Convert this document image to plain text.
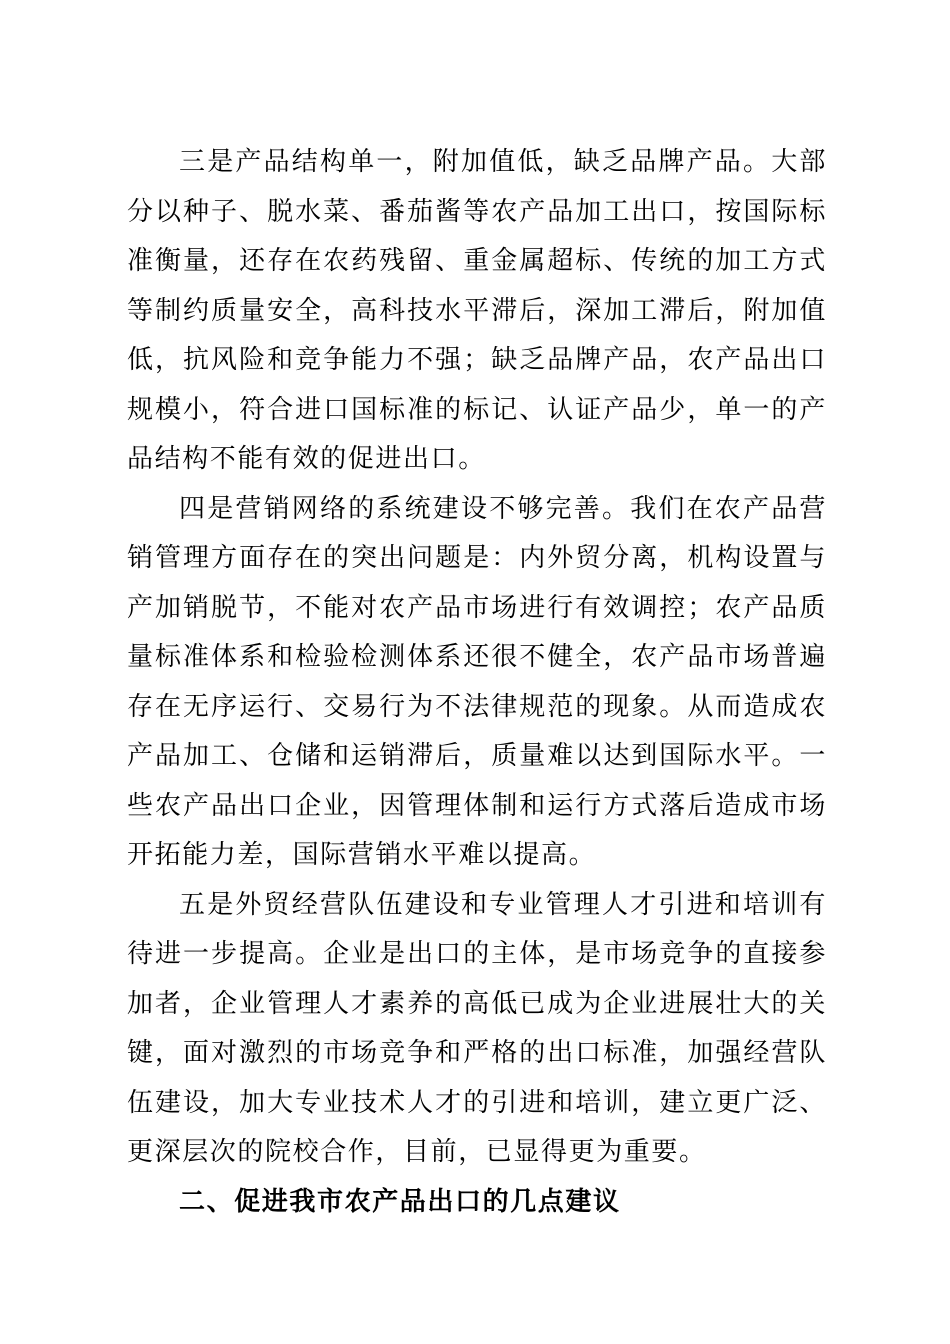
三是产品结构单一，附加值低，缺乏品牌产品。大部分以种子、脱水菜、番茄酱等农产品加工出口，按国际标准衡量，还存在农药残留、重金属超标、传统的加工方式等制约质量安全，高科技水平滞后，深加工滞后，附加值低，抗风险和竞争能力不强；缺乏品牌产品，农产品出口规模小，符合进口国标准的标记、认证产品少，单一的产品结构不能有效的促进出口。

四是营销网络的系统建设不够完善。我们在农产品营销管理方面存在的突出问题是：内外贸分离，机构设置与产加销脱节，不能对农产品市场进行有效调控；农产品质量标准体系和检验检测体系还很不健全，农产品市场普遍存在无序运行、交易行为不法律规范的现象。从而造成农产品加工、仓储和运销滞后，质量难以达到国际水平。一些农产品出口企业，因管理体制和运行方式落后造成市场开拓能力差，国际营销水平难以提高。

五是外贸经营队伍建设和专业管理人才引进和培训有待进一步提高。企业是出口的主体，是市场竞争的直接参加者，企业管理人才素养的高低已成为企业进展壮大的关键，面对激烈的市场竞争和严格的出口标准，加强经营队伍建设，加大专业技术人才的引进和培训，建立更广泛、更深层次的院校合作，目前，已显得更为重要。

二、促进我市农产品出口的几点建议
